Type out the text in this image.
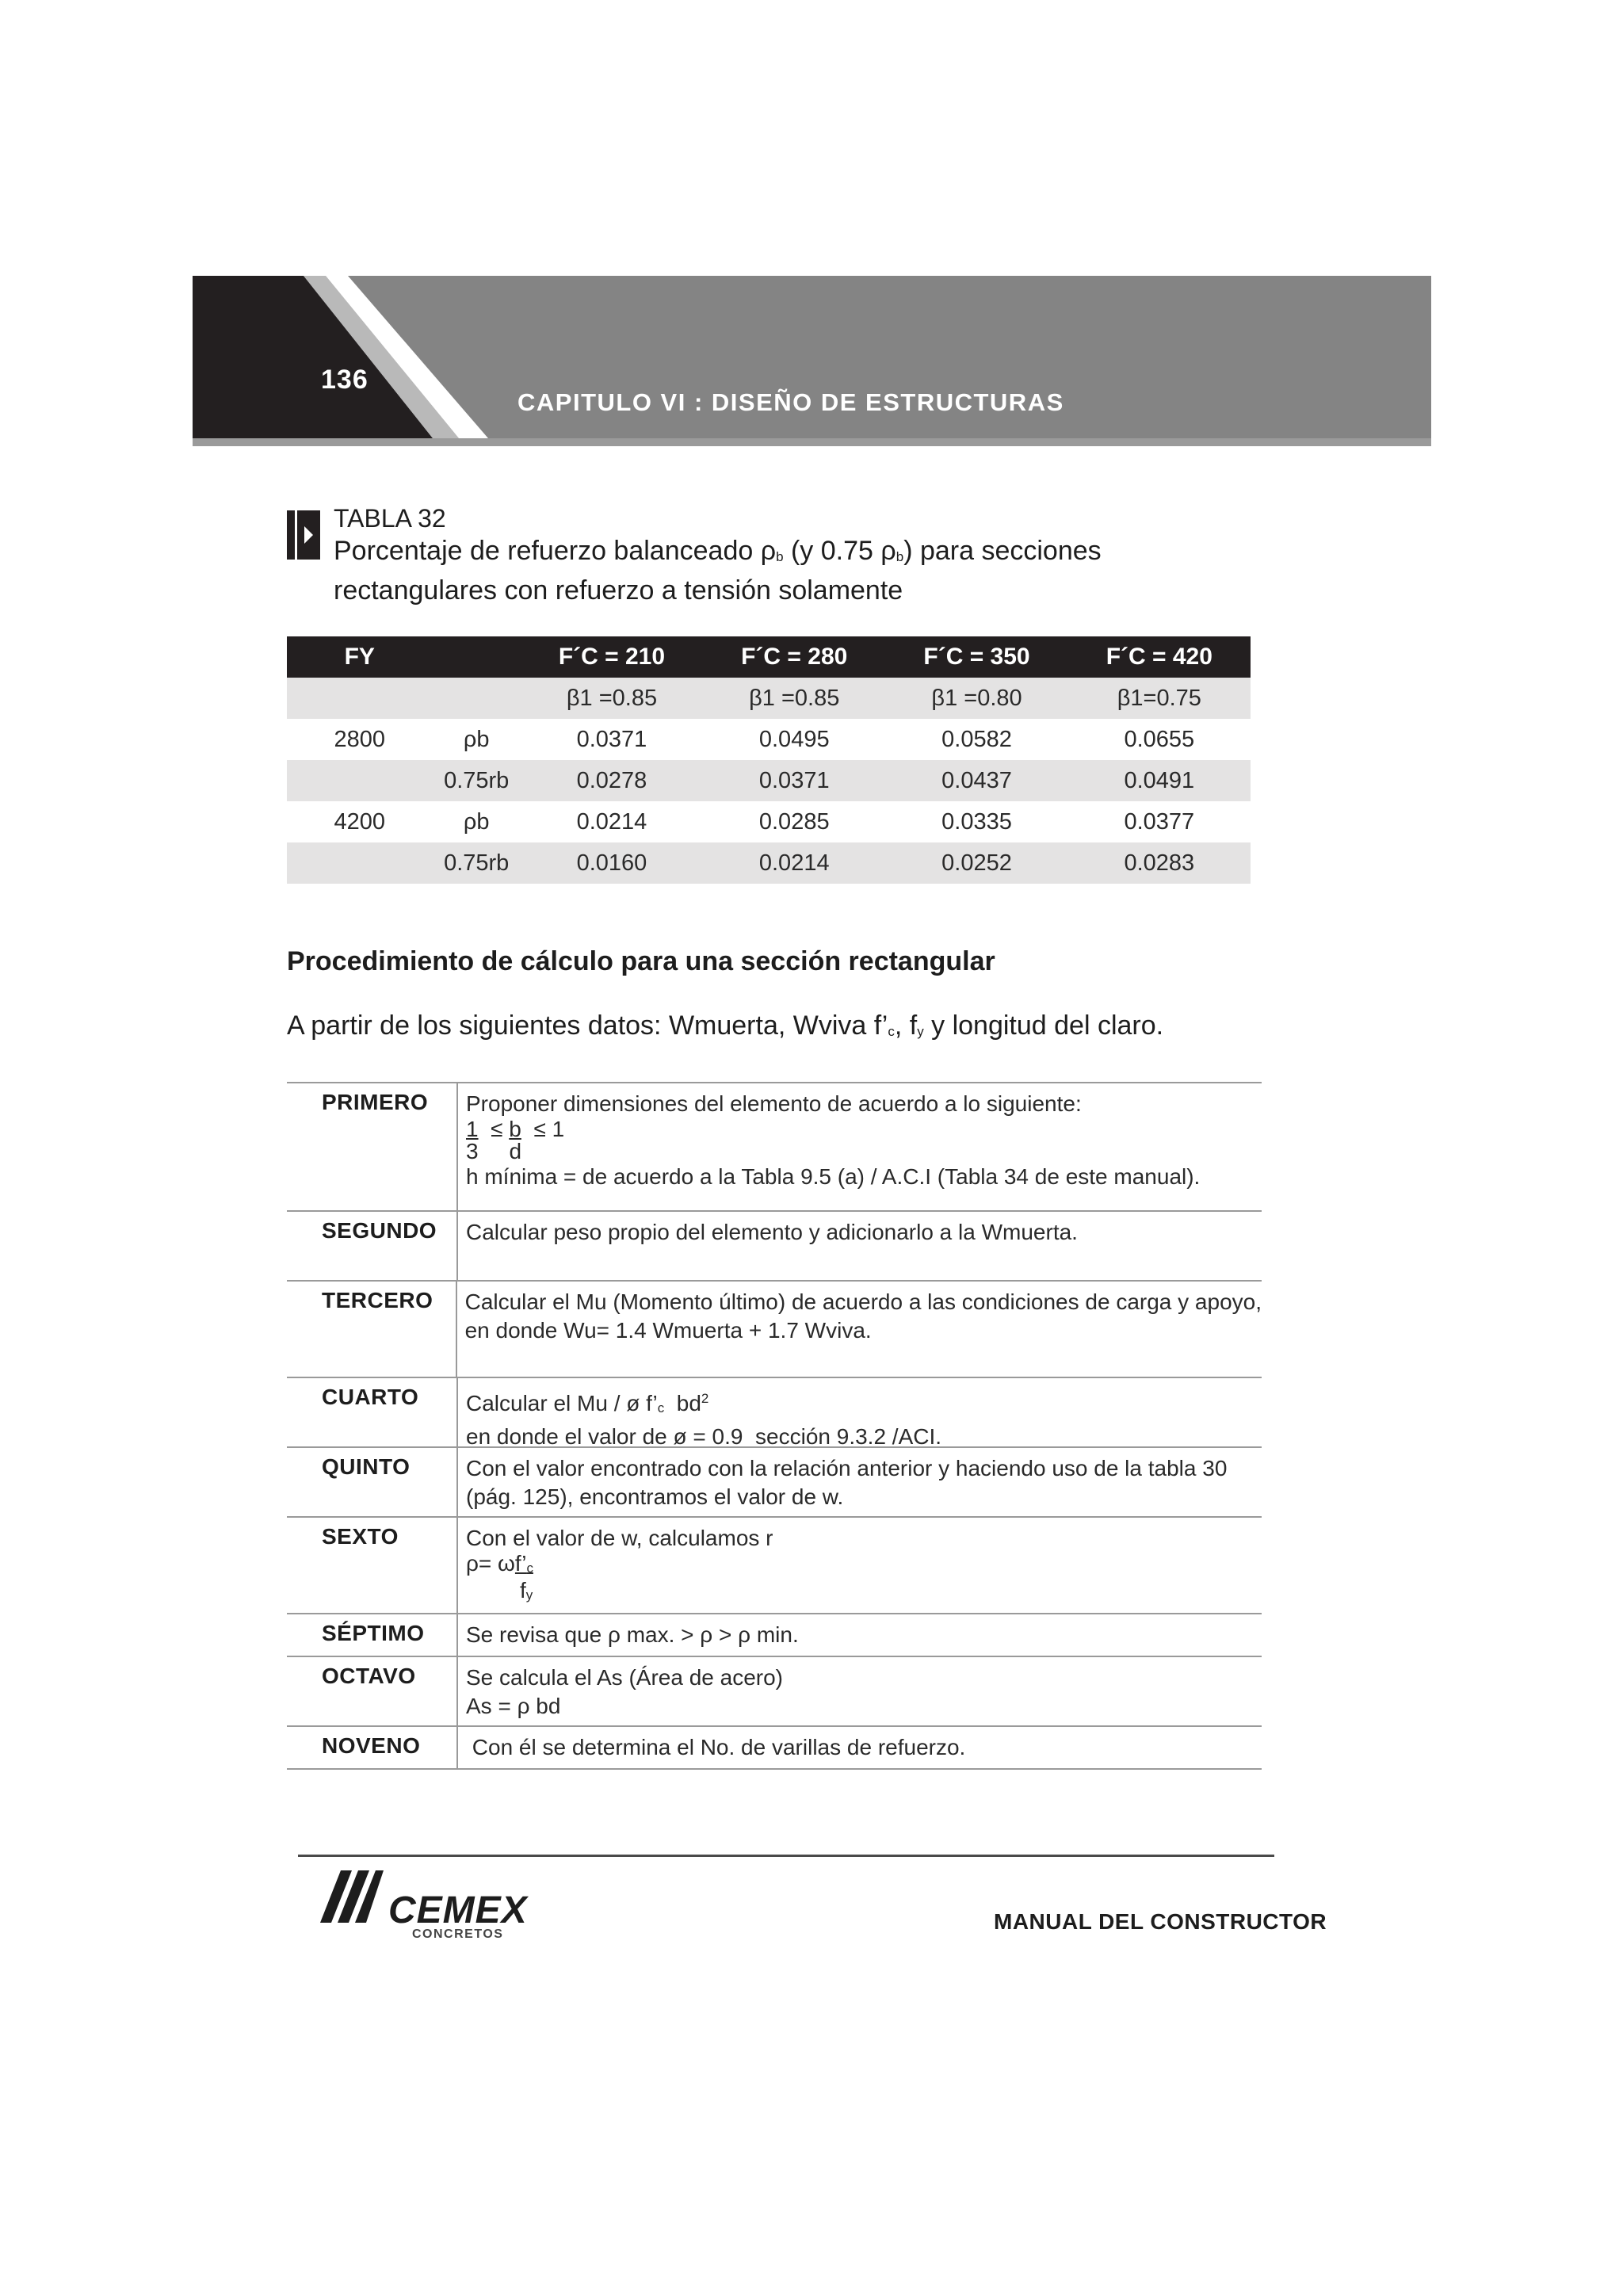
136
CAPITULO VI : DISEÑO DE ESTRUCTURAS
TABLA 32
Porcentaje de refuerzo balanceado ρb (y 0.75 ρb) para secciones rectangulares con refuerzo a tensión solamente
FY		F´C = 210	F´C = 280	F´C = 350	F´C = 420
		β1 =0.85	β1 =0.85	β1 =0.80	β1=0.75
2800	ρb	0.0371	0.0495	0.0582	0.0655
	0.75rb	0.0278	0.0371	0.0437	0.0491
4200	ρb	0.0214	0.0285	0.0335	0.0377
	0.75rb	0.0160	0.0214	0.0252	0.0283
Procedimiento de cálculo para una sección rectangular
A partir de los siguientes datos: Wmuerta, Wviva f’c, fy y longitud del claro.
PRIMERO	Proponer dimensiones del elemento de acuerdo a lo siguiente:
1 ≤ b ≤ 1
3     d
h mínima = de acuerdo a la Tabla 9.5 (a) / A.C.I (Tabla 34 de este manual).
SEGUNDO	Calcular peso propio del elemento y adicionarlo a la Wmuerta.
TERCERO	Calcular el Mu (Momento último) de acuerdo a las condiciones de carga y apoyo,
en donde Wu= 1.4 Wmuerta + 1.7 Wviva.
CUARTO	Calcular el Mu / ø f’c  $bd^2$
en donde el valor de ø = 0.9  sección 9.3.2 /ACI.
QUINTO	Con el valor encontrado con la relación anterior y haciendo uso de la tabla 30
(pág. 125), encontramos el valor de w.
SEXTO	Con el valor de w, calculamos r
ρ= ωf’c
fy
SÉPTIMO	Se revisa que ρ max. > ρ > ρ min.
OCTAVO	Se calcula el As (Área de acero)
As = ρ bd
NOVENO	Con él se determina el No. de varillas de refuerzo.
CEMEX
CONCRETOS
MANUAL DEL CONSTRUCTOR
